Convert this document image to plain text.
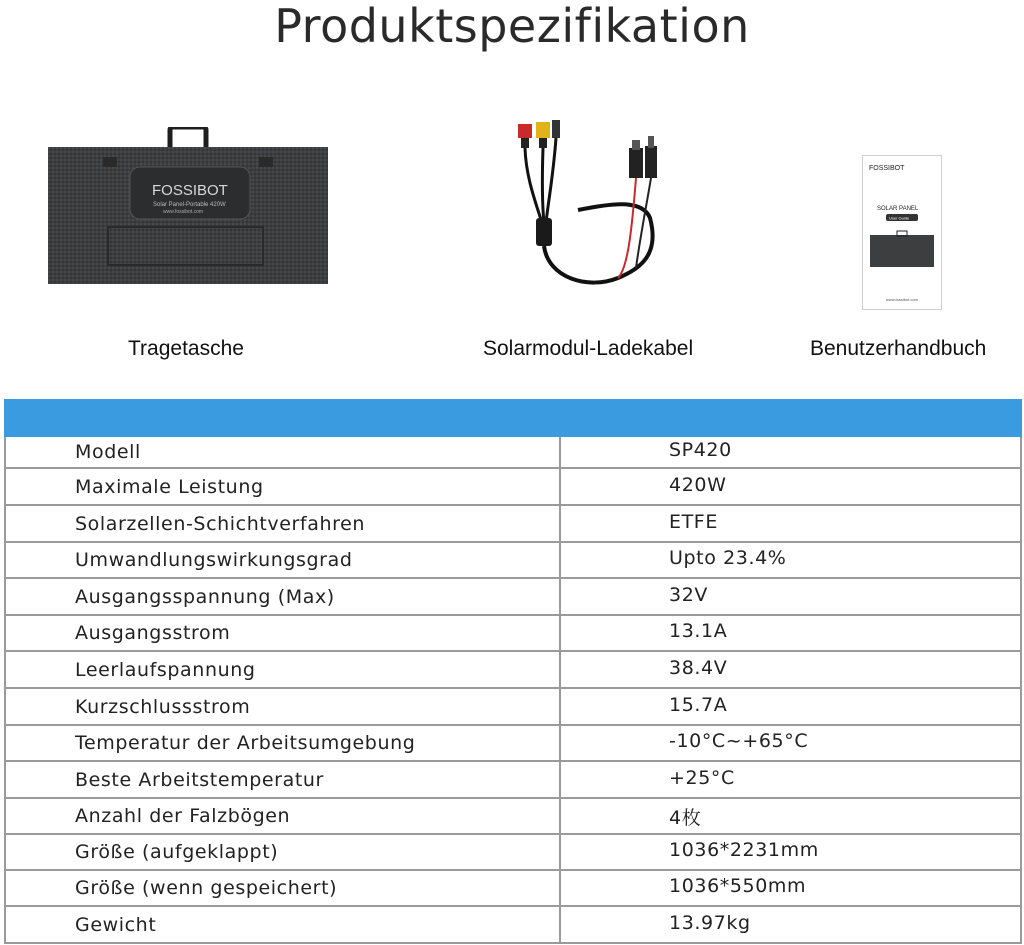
Produktspezifikation
FOSSIBOT
Solar Panel-Portable 420W
www.fossibot.com
FOSSIBOT
SOLAR PANEL
User Guide
www.fossibot.com
Tragetasche	Solarmodul-Ladekabel	Benutzerhandbuch
Modell	SP420
Maximale Leistung	420W
Solarzellen-Schichtverfahren	ETFE
Umwandlungswirkungsgrad	Upto 23.4%
Ausgangsspannung (Max)	32V
Ausgangsstrom	13.1A
Leerlaufspannung	38.4V
Kurzschlussstrom	15.7A
Temperatur der Arbeitsumgebung	-10°C~+65°C
Beste Arbeitstemperatur	+25°C
Anzahl der Falzbögen	4枚
Größe (aufgeklappt)	1036*2231mm
Größe (wenn gespeichert)	1036*550mm
Gewicht	13.97kg
